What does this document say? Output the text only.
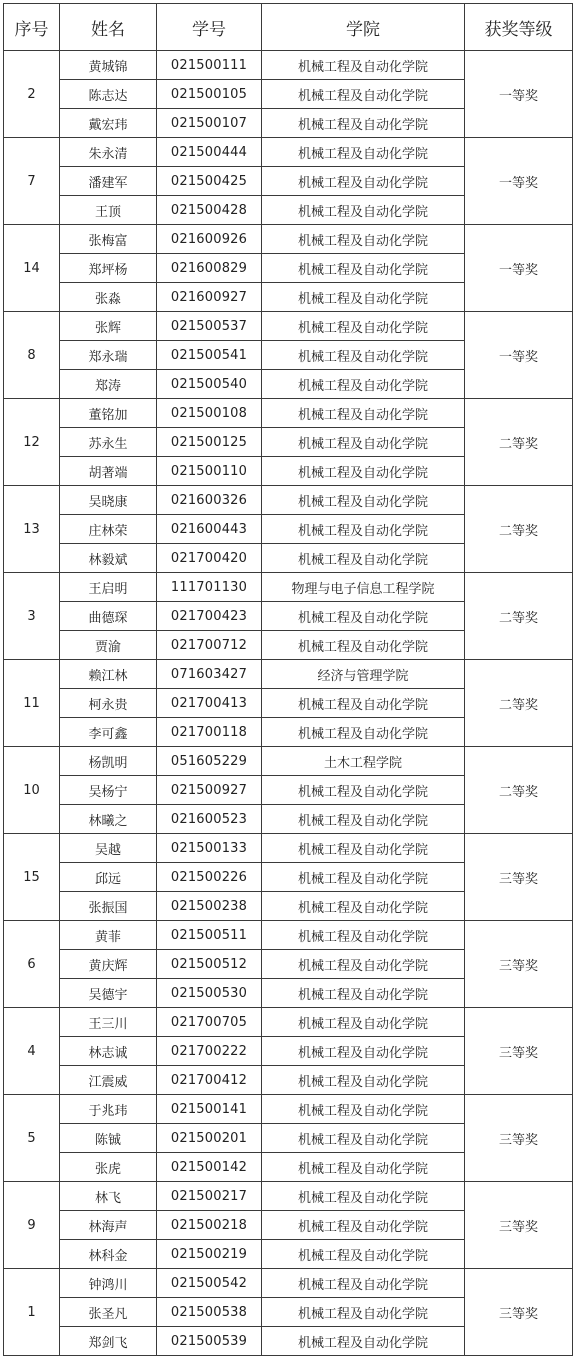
序号	姓名	学号	学院	获奖等级
2	黄城锦	021500111	机械工程及自动化学院	一等奖
	陈志达	021500105	机械工程及自动化学院	
	戴宏玮	021500107	机械工程及自动化学院	
7	朱永清	021500444	机械工程及自动化学院	一等奖
	潘建军	021500425	机械工程及自动化学院	
	王顶	021500428	机械工程及自动化学院	
14	张梅富	021600926	机械工程及自动化学院	一等奖
	郑坪杨	021600829	机械工程及自动化学院	
	张淼	021600927	机械工程及自动化学院	
8	张辉	021500537	机械工程及自动化学院	一等奖
	郑永瑞	021500541	机械工程及自动化学院	
	郑涛	021500540	机械工程及自动化学院	
12	董铭加	021500108	机械工程及自动化学院	二等奖
	苏永生	021500125	机械工程及自动化学院	
	胡著端	021500110	机械工程及自动化学院	
13	吴晓康	021600326	机械工程及自动化学院	二等奖
	庄林荣	021600443	机械工程及自动化学院	
	林毅斌	021700420	机械工程及自动化学院	
3	王启明	111701130	物理与电子信息工程学院	二等奖
	曲德琛	021700423	机械工程及自动化学院	
	贾渝	021700712	机械工程及自动化学院	
11	赖江林	071603427	经济与管理学院	二等奖
	柯永贵	021700413	机械工程及自动化学院	
	李可鑫	021700118	机械工程及自动化学院	
10	杨凯明	051605229	土木工程学院	二等奖
	吴杨宁	021500927	机械工程及自动化学院	
	林曦之	021600523	机械工程及自动化学院	
15	吴越	021500133	机械工程及自动化学院	三等奖
	邱远	021500226	机械工程及自动化学院	
	张振国	021500238	机械工程及自动化学院	
6	黄菲	021500511	机械工程及自动化学院	三等奖
	黄庆辉	021500512	机械工程及自动化学院	
	吴德宇	021500530	机械工程及自动化学院	
4	王三川	021700705	机械工程及自动化学院	三等奖
	林志诚	021700222	机械工程及自动化学院	
	江震威	021700412	机械工程及自动化学院	
5	于兆玮	021500141	机械工程及自动化学院	三等奖
	陈铖	021500201	机械工程及自动化学院	
	张虎	021500142	机械工程及自动化学院	
9	林飞	021500217	机械工程及自动化学院	三等奖
	林海声	021500218	机械工程及自动化学院	
	林科金	021500219	机械工程及自动化学院	
1	钟鸿川	021500542	机械工程及自动化学院	三等奖
	张圣凡	021500538	机械工程及自动化学院	
	郑剑飞	021500539	机械工程及自动化学院	
